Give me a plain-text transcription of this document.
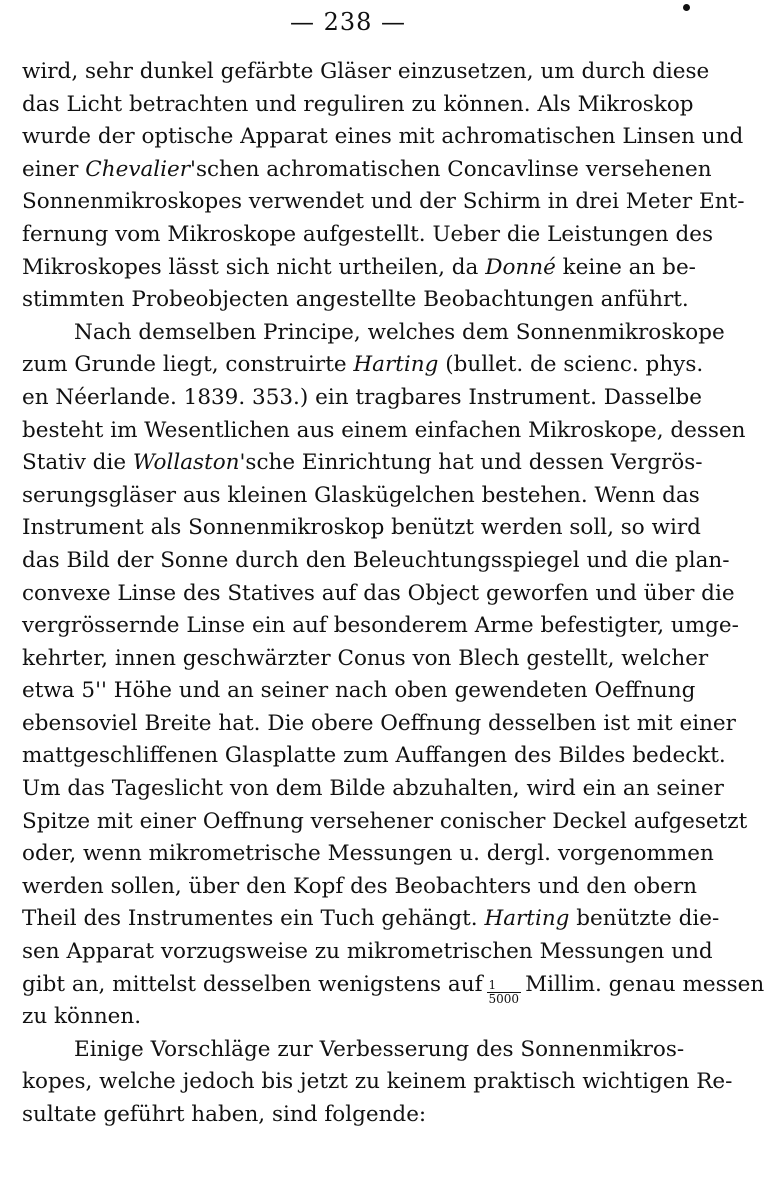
— 238 —
wird, sehr dunkel gefärbte Gläser einzusetzen, um durch diese
das Licht betrachten und reguliren zu können. Als Mikroskop
wurde der optische Apparat eines mit achromatischen Linsen und
einer Chevalier'schen achromatischen Concavlinse versehenen
Sonnenmikroskopes verwendet und der Schirm in drei Meter Ent-
fernung vom Mikroskope aufgestellt. Ueber die Leistungen des
Mikroskopes lässt sich nicht urtheilen, da Donné keine an be-
stimmten Probeobjecten angestellte Beobachtungen anführt.
Nach demselben Principe, welches dem Sonnenmikroskope
zum Grunde liegt, construirte Harting (bullet. de scienc. phys.
en Néerlande. 1839. 353.) ein tragbares Instrument. Dasselbe
besteht im Wesentlichen aus einem einfachen Mikroskope, dessen
Stativ die Wollaston'sche Einrichtung hat und dessen Vergrös-
serungsgläser aus kleinen Glaskügelchen bestehen. Wenn das
Instrument als Sonnenmikroskop benützt werden soll, so wird
das Bild der Sonne durch den Beleuchtungsspiegel und die plan-
convexe Linse des Statives auf das Object geworfen und über die
vergrössernde Linse ein auf besonderem Arme befestigter, umge-
kehrter, innen geschwärzter Conus von Blech gestellt, welcher
etwa 5'' Höhe und an seiner nach oben gewendeten Oeffnung
ebensoviel Breite hat. Die obere Oeffnung desselben ist mit einer
mattgeschliffenen Glasplatte zum Auffangen des Bildes bedeckt.
Um das Tageslicht von dem Bilde abzuhalten, wird ein an seiner
Spitze mit einer Oeffnung versehener conischer Deckel aufgesetzt
oder, wenn mikrometrische Messungen u. dergl. vorgenommen
werden sollen, über den Kopf des Beobachters und den obern
Theil des Instrumentes ein Tuch gehängt. Harting benützte die-
sen Apparat vorzugsweise zu mikrometrischen Messungen und
gibt an, mittelst desselben wenigstens auf $\frac{1}{5000} Millim$. genau messen
zu können.
Einige Vorschläge zur Verbesserung des Sonnenmikros-
kopes, welche jedoch bis jetzt zu keinem praktisch wichtigen Re-
sultate geführt haben, sind folgende:
